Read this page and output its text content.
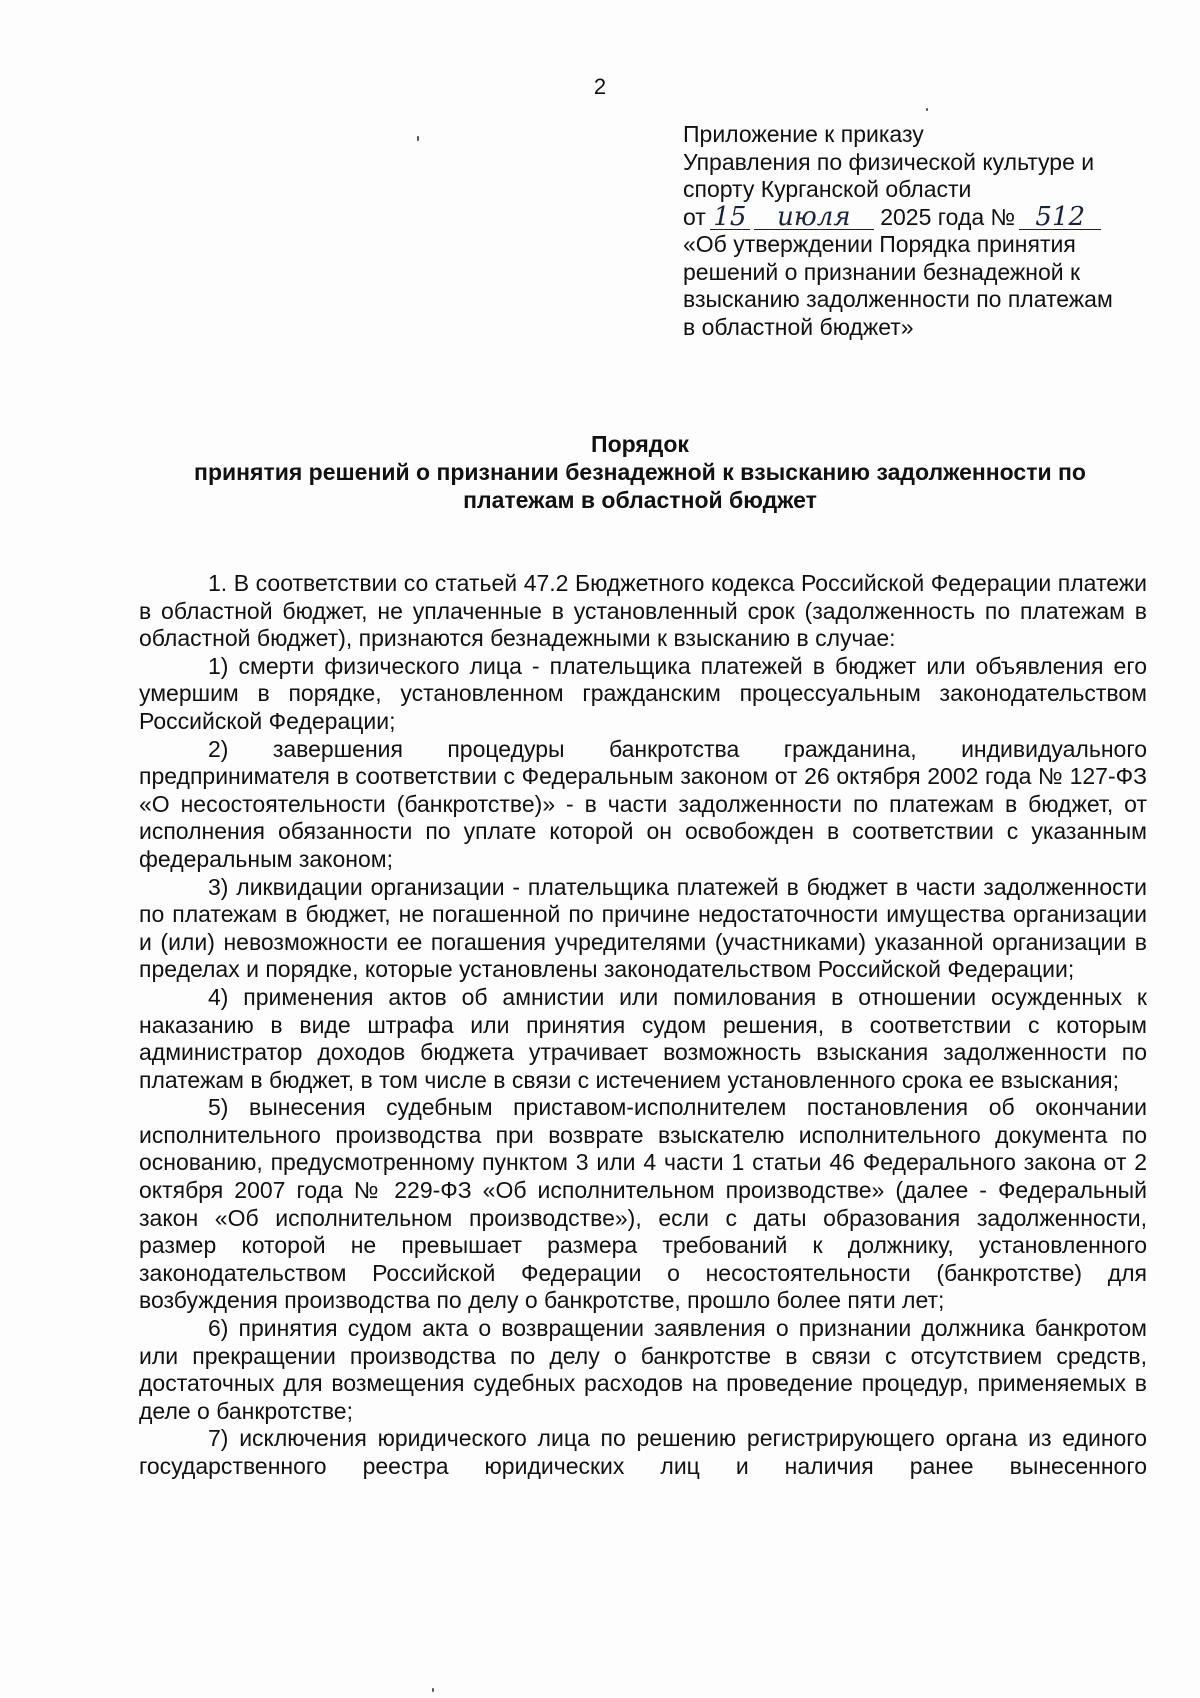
2
Приложение к приказу
Управления по физической культуре и
спорту Курганской области
от 15 июля 2025 года № 512
«Об утверждении Порядка принятия
решений о признании безнадежной к
взысканию задолженности по платежам
в областной бюджет»
Порядок
принятия решений о признании безнадежной к взысканию задолженности по
платежам в областной бюджет

1. В соответствии со статьей 47.2 Бюджетного кодекса Российской Федерации платежи в областной бюджет, не уплаченные в установленный срок (задолженность по платежам в областной бюджет), признаются безнадежными к взысканию в случае:

1) смерти физического лица - плательщика платежей в бюджет или объявления его умершим в порядке, установленном гражданским процессуальным законодательством Российской Федерации;

2) завершения процедуры банкротства гражданина, индивидуального предпринимателя в соответствии с Федеральным законом от 26 октября 2002 года № 127-ФЗ «О несостоятельности (банкротстве)» - в части задолженности по платежам в бюджет, от исполнения обязанности по уплате которой он освобожден в соответствии с указанным федеральным законом;

3) ликвидации организации - плательщика платежей в бюджет в части задолженности по платежам в бюджет, не погашенной по причине недостаточности имущества организации и (или) невозможности ее погашения учредителями (участниками) указанной организации в пределах и порядке, которые установлены законодательством Российской Федерации;

4) применения актов об амнистии или помилования в отношении осужденных к наказанию в виде штрафа или принятия судом решения, в соответствии с которым администратор доходов бюджета утрачивает возможность взыскания задолженности по платежам в бюджет, в том числе в связи с истечением установленного срока ее взыскания;

5) вынесения судебным приставом-исполнителем постановления об окончании исполнительного производства при возврате взыскателю исполнительного документа по основанию, предусмотренному пунктом 3 или 4 части 1 статьи 46 Федерального закона от 2 октября 2007 года № 229-ФЗ «Об исполнительном производстве» (далее - Федеральный закон «Об исполнительном производстве»), если с даты образования задолженности, размер которой не превышает размера требований к должнику, установленного законодательством Российской Федерации о несостоятельности (банкротстве) для возбуждения производства по делу о банкротстве, прошло более пяти лет;

6) принятия судом акта о возвращении заявления о признании должника банкротом или прекращении производства по делу о банкротстве в связи с отсутствием средств, достаточных для возмещения судебных расходов на проведение процедур, применяемых в деле о банкротстве;

7) исключения юридического лица по решению регистрирующего органа из единого государственного реестра юридических лиц и наличия ранее вынесенного
